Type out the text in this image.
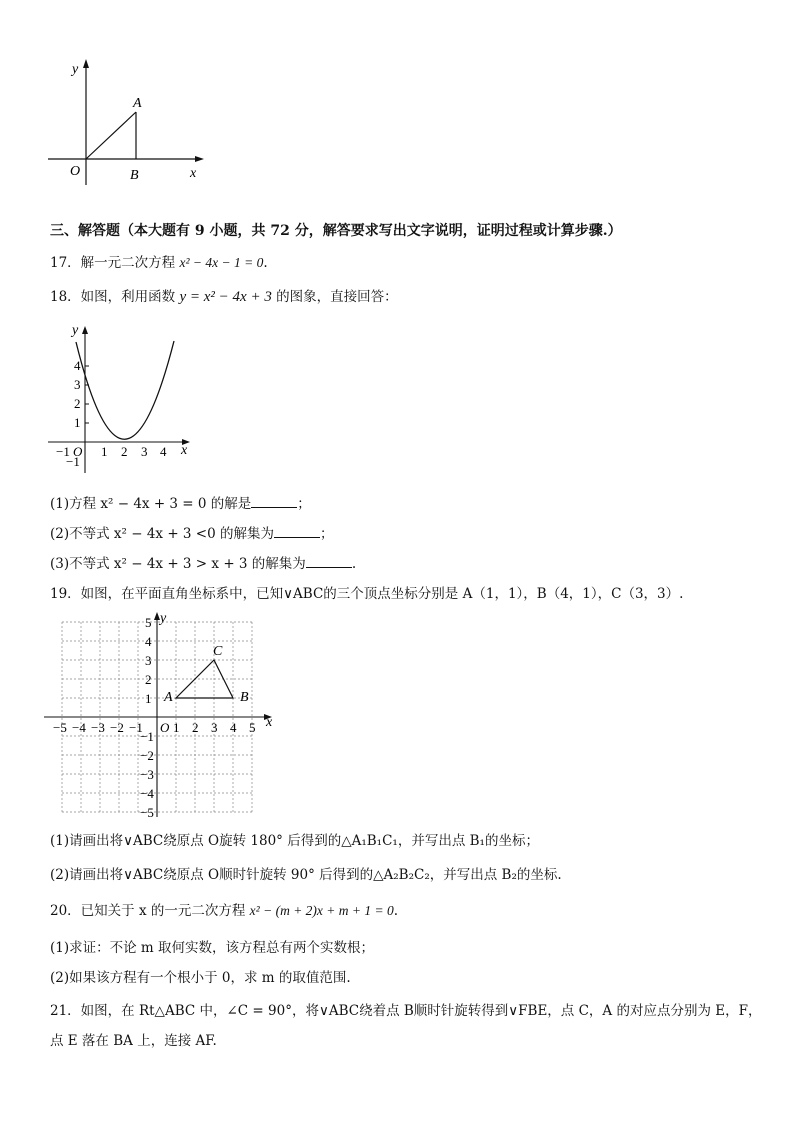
y
x
O
A
B
三、解答题（本大题有 9 小题，共 72 分，解答要求写出文字说明，证明过程或计算步骤.）
17．解一元二次方程 x² − 4x − 1 = 0.
18．如图，利用函数 y = x² − 4x + 3 的图象，直接回答：
y
x
4
3
2
1
−1
−1 O 1 2 3 4
(1)方程 x² − 4x + 3 = 0 的解是	；
(2)不等式 x² − 4x + 3 <0 的解集为	；
(3)不等式 x² − 4x + 3 > x + 3 的解集为	.
19．如图，在平面直角坐标系中，已知∨ABC的三个顶点坐标分别是 A（1，1），B（4，1），C（3，3）.
y
x
O
A	B
C
−5 −4 −3 −2 −1 1 2 3 4 5
5
4
3
2
1
−1
−2
−3
−4
−5
(1)请画出将∨ABC绕原点 O旋转 180° 后得到的△A₁B₁C₁，并写出点 B₁的坐标；
(2)请画出将∨ABC绕原点 O顺时针旋转 90° 后得到的△A₂B₂C₂，并写出点 B₂的坐标.
20．已知关于 x 的一元二次方程 x² − (m + 2)x + m + 1 = 0.
(1)求证：不论 m 取何实数，该方程总有两个实数根；
(2)如果该方程有一个根小于 0，求 m 的取值范围.
21．如图，在 Rt△ABC 中，∠C = 90°，将∨ABC绕着点 B顺时针旋转得到∨FBE，点 C，A 的对应点分别为 E，F，
点 E 落在 BA 上，连接 AF.
